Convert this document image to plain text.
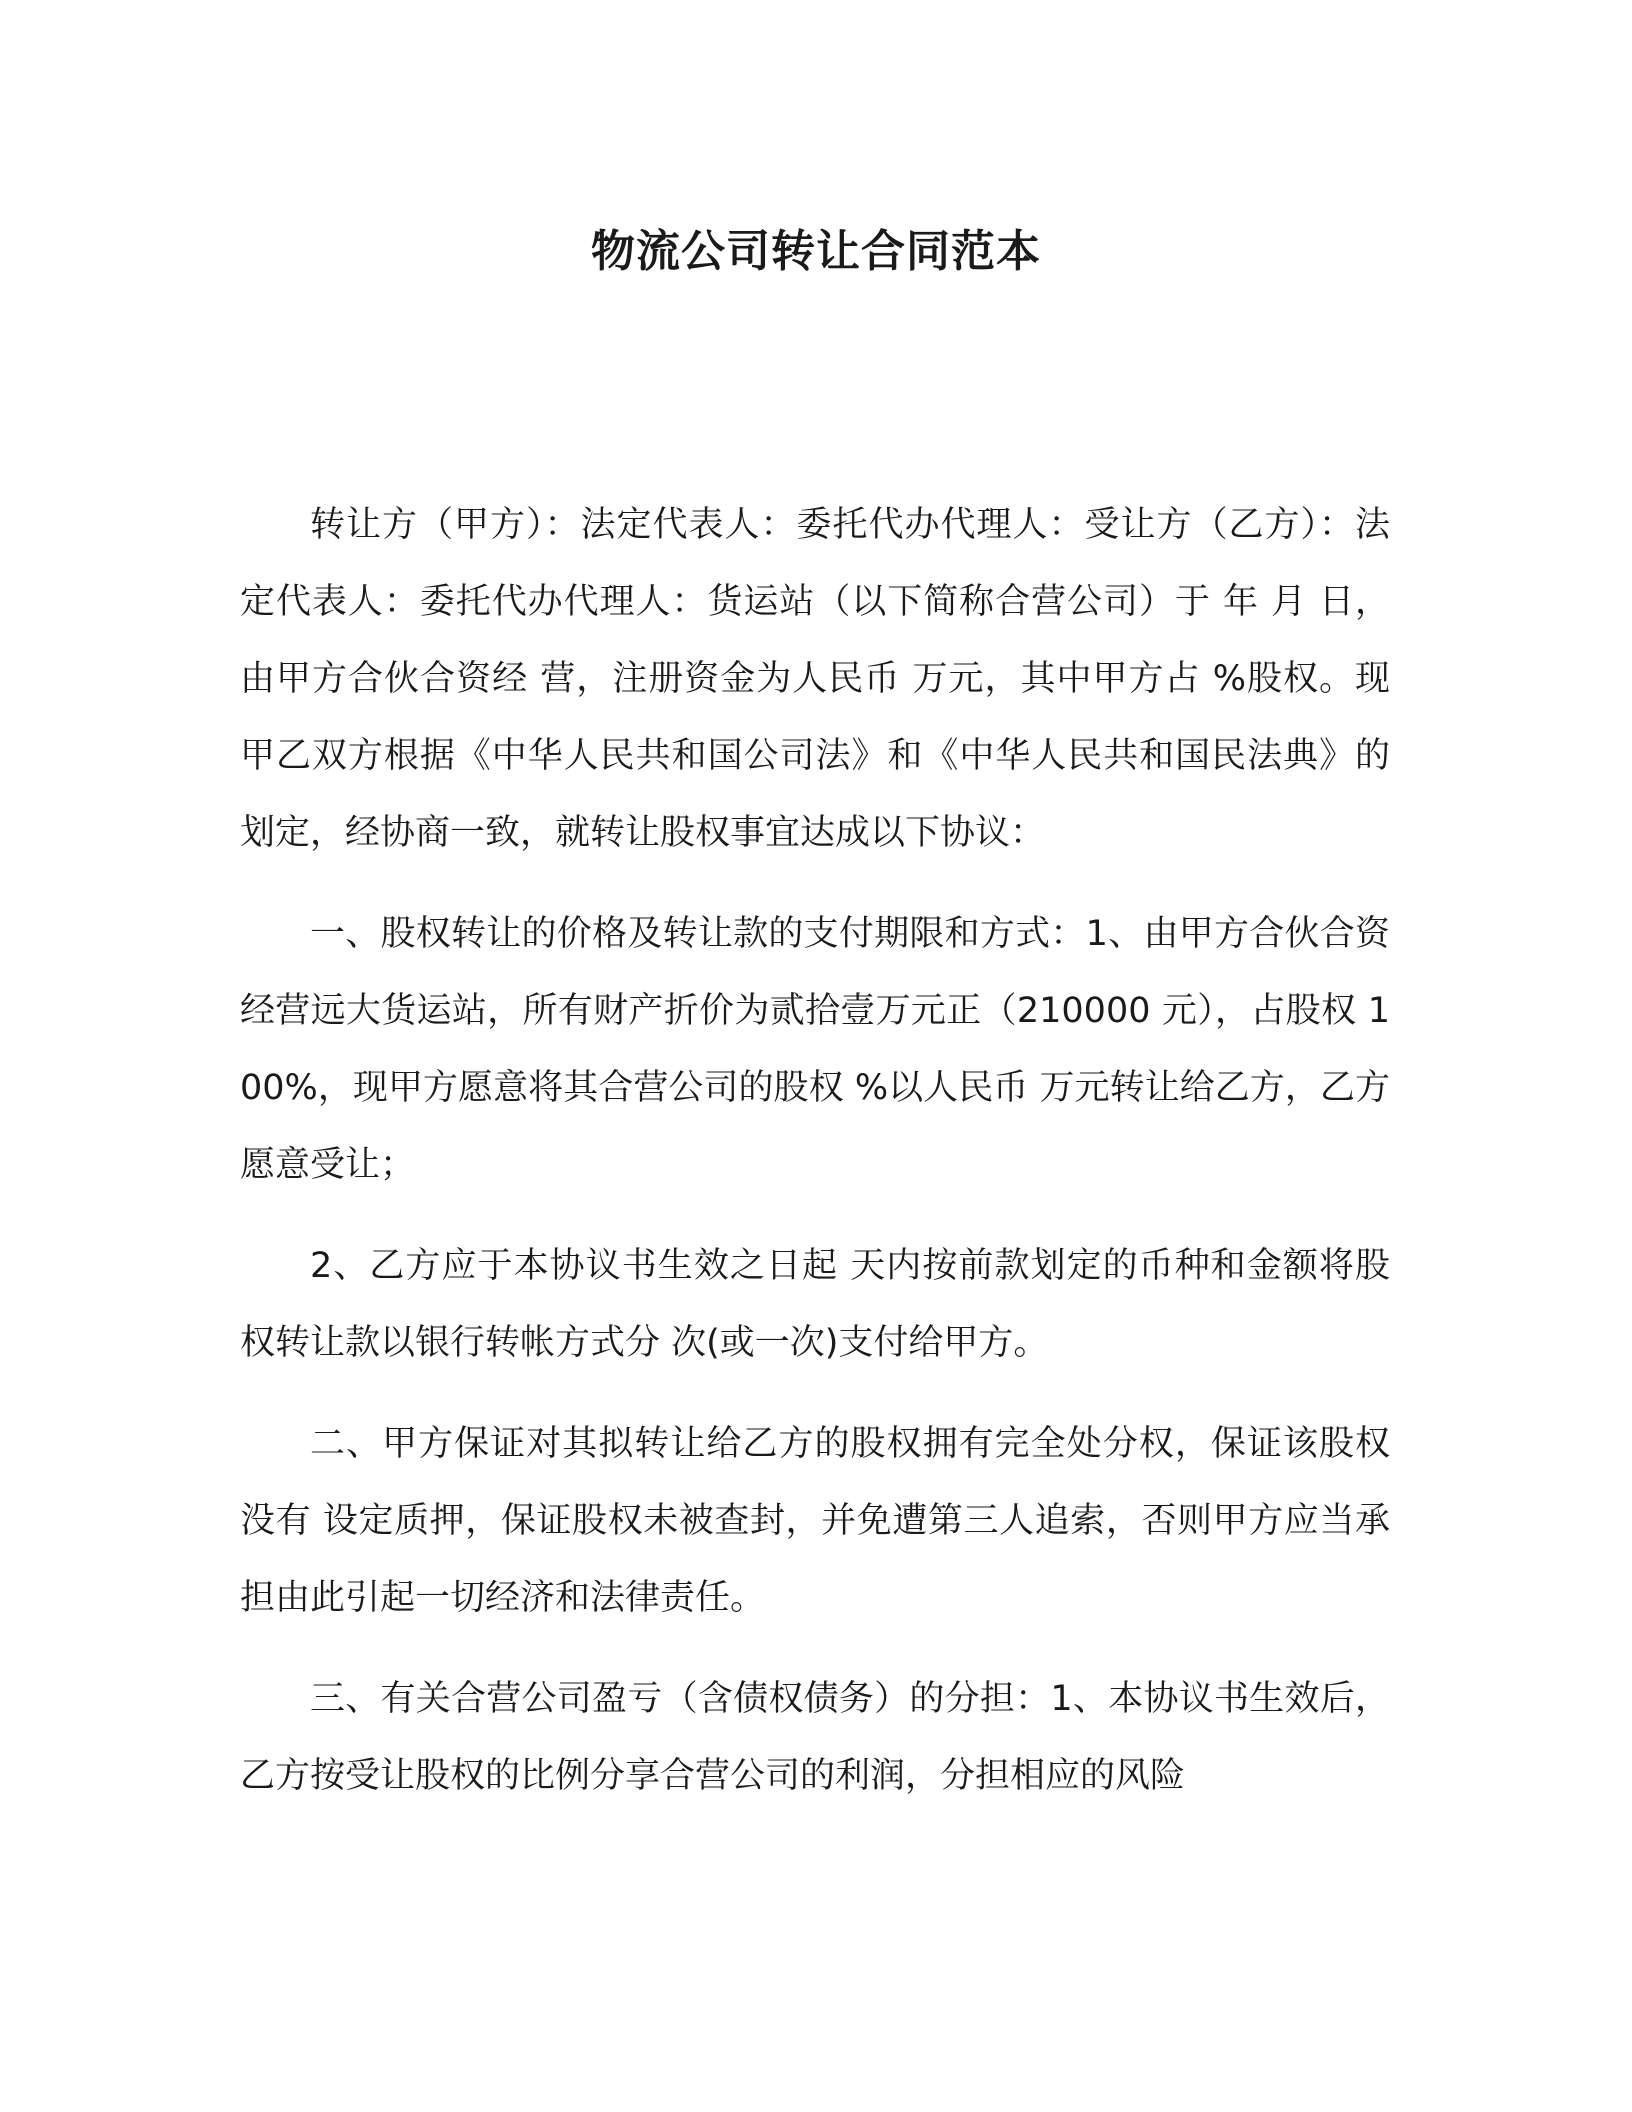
物流公司转让合同范本

转让方（甲方）：法定代表人：委托代办代理人：受让方（乙方）：法定代表人：委托代办代理人：货运站（以下简称合营公司）于 年 月 日，由甲方合伙合资经 营，注册资金为人民币 万元，其中甲方占 %股权。现甲乙双方根据《中华人民共和国公司法》和《中华人民共和国民法典》的划定，经协商一致，就转让股权事宜达成以下协议：

一、股权转让的价格及转让款的支付期限和方式：1、由甲方合伙合资经营远大货运站，所有财产折价为贰拾壹万元正（210000 元），占股权 100%，现甲方愿意将其合营公司的股权 %以人民币 万元转让给乙方，乙方愿意受让；

2、乙方应于本协议书生效之日起 天内按前款划定的币种和金额将股权转让款以银行转帐方式分 次(或一次)支付给甲方。

二、甲方保证对其拟转让给乙方的股权拥有完全处分权，保证该股权没有 设定质押，保证股权未被查封，并免遭第三人追索，否则甲方应当承担由此引起一切经济和法律责任。

三、有关合营公司盈亏（含债权债务）的分担：1、本协议书生效后，乙方按受让股权的比例分享合营公司的利润，分担相应的风险
